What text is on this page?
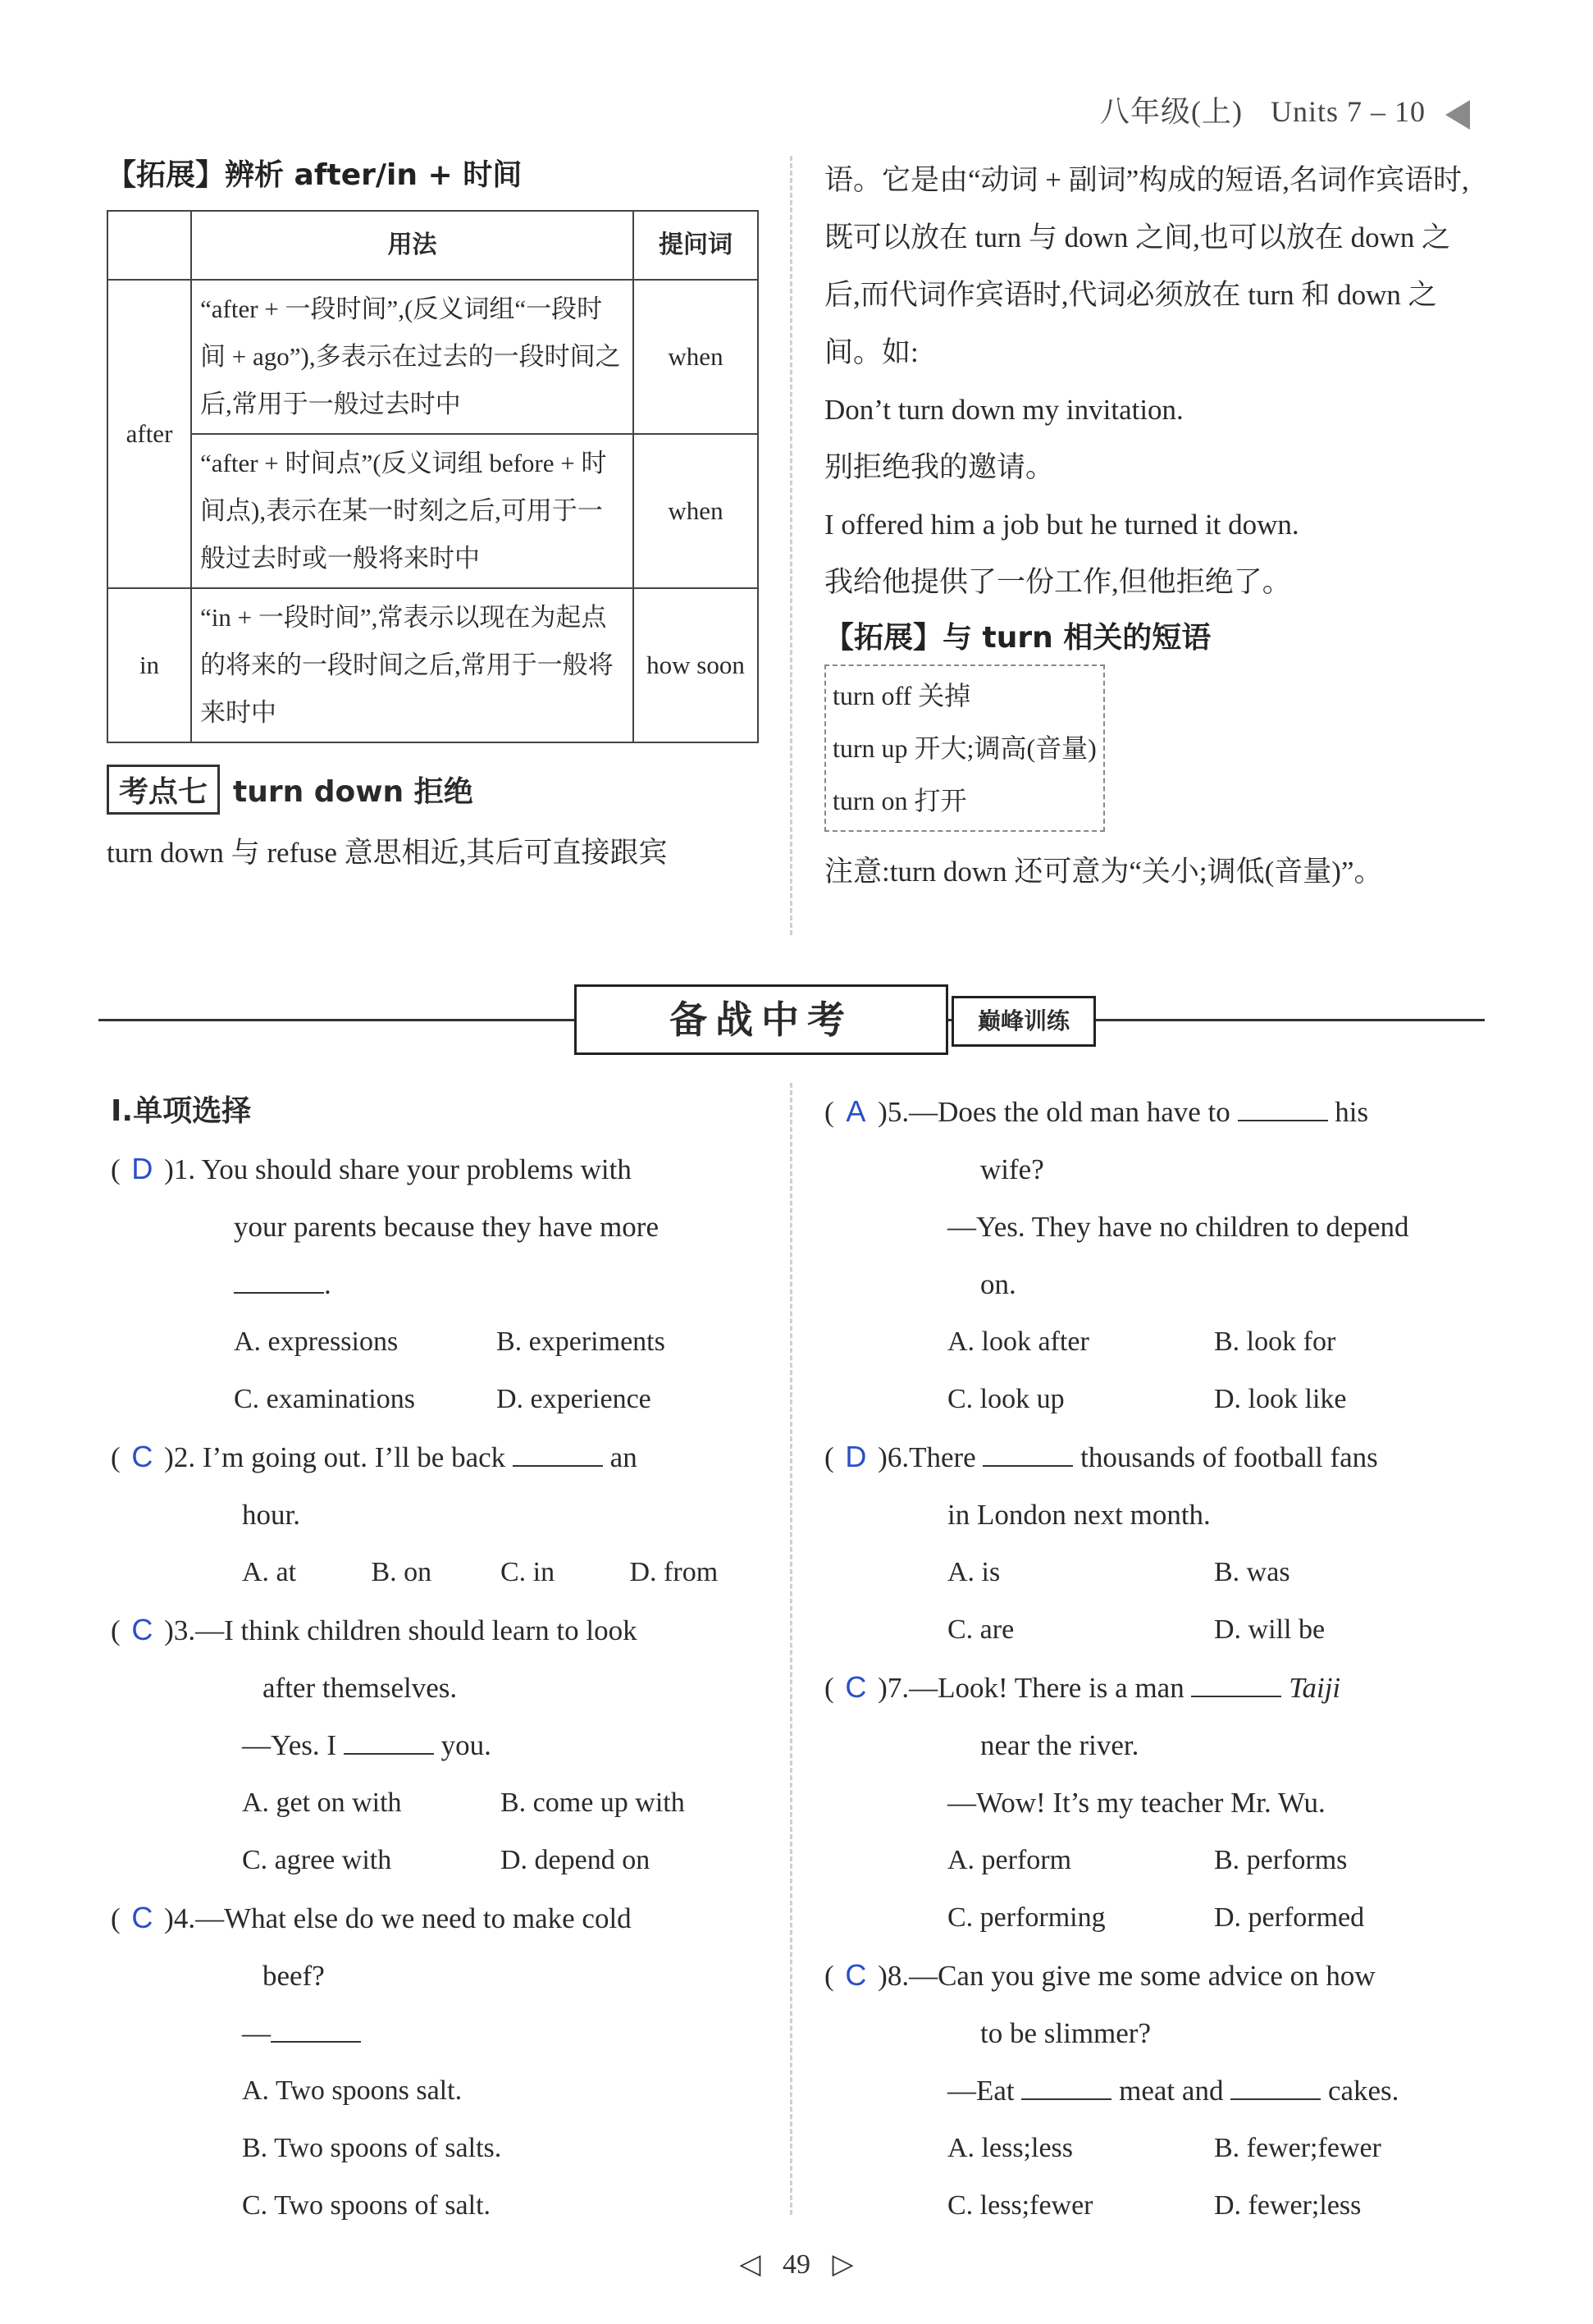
八年级(上) Units 7 – 10
【拓展】辨析 after/in + 时间
	用法	提问词
after	“after + 一段时间”,(反义词组“一段时间 + ago”),多表示在过去的一段时间之后,常用于一般过去时中	when
	“after + 时间点”(反义词组 before + 时间点),表示在某一时刻之后,可用于一般过去时或一般将来时中	when
in	“in + 一段时间”,常表示以现在为起点的将来的一段时间之后,常用于一般将来时中	how soon
考点七 turn down 拒绝
turn down 与 refuse 意思相近,其后可直接跟宾
语。它是由“动词 + 副词”构成的短语,名词作宾语时,既可以放在 turn 与 down 之间,也可以放在 down 之后,而代词作宾语时,代词必须放在 turn 和 down 之间。如:
Don’t turn down my invitation.
别拒绝我的邀请。
I offered him a job but he turned it down.
我给他提供了一份工作,但他拒绝了。
【拓展】与 turn 相关的短语
turn off 关掉
turn up 开大;调高(音量)
turn on 打开
注意:turn down 还可意为“关小;调低(音量)”。
备战中考	巅峰训练
Ⅰ.单项选择
( D )1. You should share your problems with
your parents because they have more
.
A. expressions	B. experiments
C. examinations	D. experience
( C )2. I’m going out. I’ll be back	an
hour.
A. at	B. on	C. in	D. from
( C )3.—I think children should learn to look
after themselves.
—Yes. I	you.
A. get on with	B. come up with
C. agree with	D. depend on
( C )4.—What else do we need to make cold
beef?
—
A. Two spoons salt.
B. Two spoons of salts.
C. Two spoons of salt.
( A )5.—Does the old man have to	his
wife?
—Yes. They have no children to depend
on.
A. look after	B. look for
C. look up	D. look like
( D )6.There	thousands of football fans
in London next month.
A. is	B. was
C. are	D. will be
( C )7.—Look! There is a man	Taiji
near the river.
—Wow! It’s my teacher Mr. Wu.
A. perform	B. performs
C. performing	D. performed
( C )8.—Can you give me some advice on how
to be slimmer?
—Eat	meat and	cakes.
A. less;less	B. fewer;fewer
C. less;fewer	D. fewer;less
◁ 49 ▷
